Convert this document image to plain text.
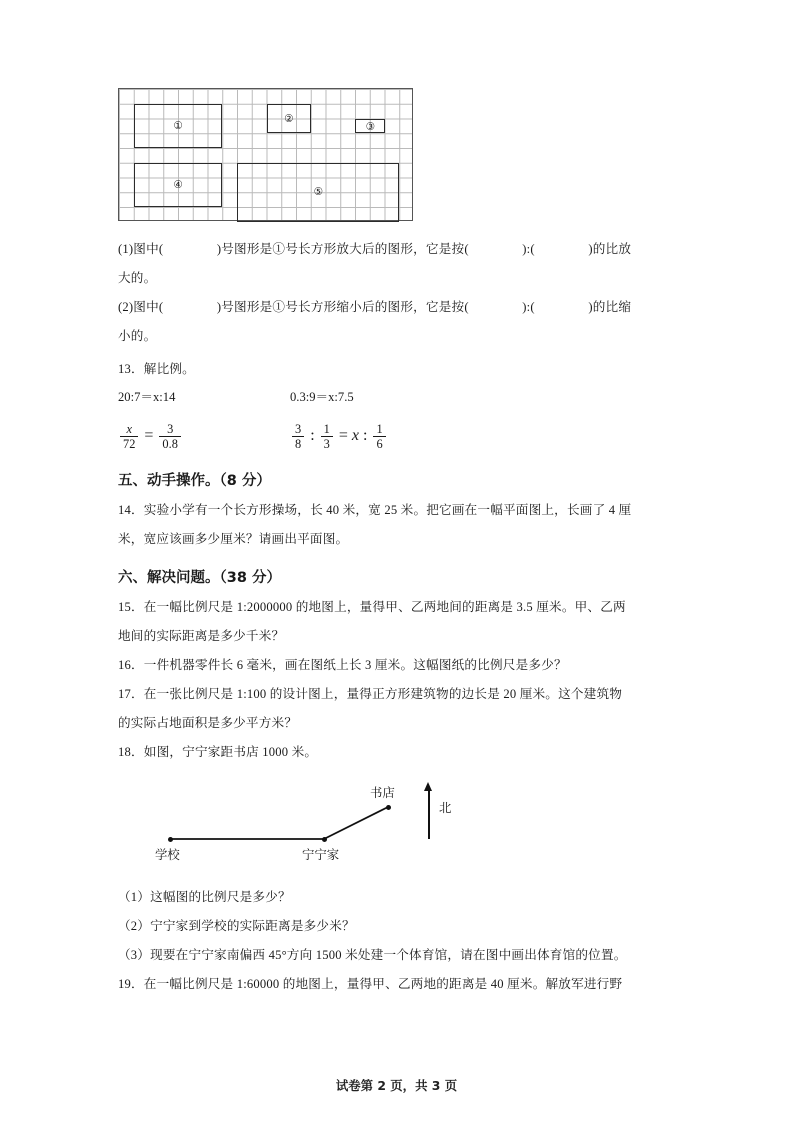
①
②
③
④
⑤
(1)图中(                )号图形是①号长方形放大后的图形，它是按(                ):(                )的比放
大的。
(2)图中(                )号图形是①号长方形缩小后的图形，它是按(                ):(                )的比缩
小的。
13．解比例。
20:7＝x:14	0.3:9＝x:7.5
$\frac{x}{72} = \frac{3}{0.8}$	$\frac{3}{8}$ : $\frac{1}{3} = x$ : $\frac{1}{6}$
五、动手操作。（8 分）
14．实验小学有一个长方形操场，长 40 米，宽 25 米。把它画在一幅平面图上，长画了 4 厘
米，宽应该画多少厘米？请画出平面图。
六、解决问题。（38 分）
15．在一幅比例尺是 1:2000000 的地图上，量得甲、乙两地间的距离是 3.5 厘米。甲、乙两
地间的实际距离是多少千米？
16．一件机器零件长 6 毫米，画在图纸上长 3 厘米。这幅图纸的比例尺是多少？
17．在一张比例尺是 1:100 的设计图上，量得正方形建筑物的边长是 20 厘米。这个建筑物
的实际占地面积是多少平方米？
18．如图，宁宁家距书店 1000 米。
学校	宁宁家
书店
北
（1）这幅图的比例尺是多少？
（2）宁宁家到学校的实际距离是多少米？
（3）现要在宁宁家南偏西 45°方向 1500 米处建一个体育馆，请在图中画出体育馆的位置。
19．在一幅比例尺是 1:60000 的地图上，量得甲、乙两地的距离是 40 厘米。解放军进行野
试卷第 2 页，共 3 页
